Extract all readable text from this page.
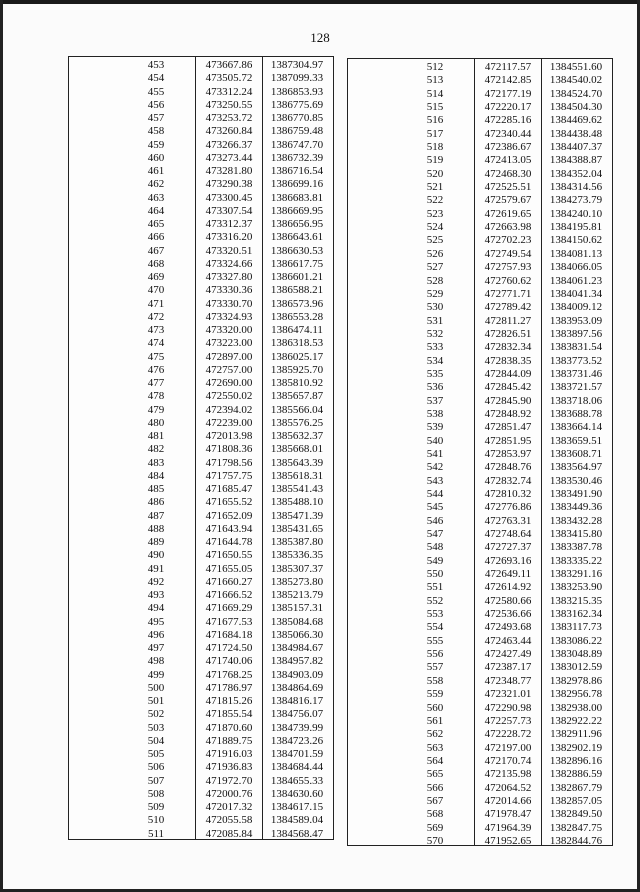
128
453	473667.86	1387304.97
454	473505.72	1387099.33
455	473312.24	1386853.93
456	473250.55	1386775.69
457	473253.72	1386770.85
458	473260.84	1386759.48
459	473266.37	1386747.70
460	473273.44	1386732.39
461	473281.80	1386716.54
462	473290.38	1386699.16
463	473300.45	1386683.81
464	473307.54	1386669.95
465	473312.37	1386656.95
466	473316.20	1386643.61
467	473320.51	1386630.53
468	473324.66	1386617.75
469	473327.80	1386601.21
470	473330.36	1386588.21
471	473330.70	1386573.96
472	473324.93	1386553.28
473	473320.00	1386474.11
474	473223.00	1386318.53
475	472897.00	1386025.17
476	472757.00	1385925.70
477	472690.00	1385810.92
478	472550.02	1385657.87
479	472394.02	1385566.04
480	472239.00	1385576.25
481	472013.98	1385632.37
482	471808.36	1385668.01
483	471798.56	1385643.39
484	471757.75	1385618.31
485	471685.47	1385541.43
486	471655.52	1385488.10
487	471652.09	1385471.39
488	471643.94	1385431.65
489	471644.78	1385387.80
490	471650.55	1385336.35
491	471655.05	1385307.37
492	471660.27	1385273.80
493	471666.52	1385213.79
494	471669.29	1385157.31
495	471677.53	1385084.68
496	471684.18	1385066.30
497	471724.50	1384984.67
498	471740.06	1384957.82
499	471768.25	1384903.09
500	471786.97	1384864.69
501	471815.26	1384816.17
502	471855.54	1384756.07
503	471870.60	1384739.99
504	471889.75	1384723.26
505	471916.03	1384701.59
506	471936.83	1384684.44
507	471972.70	1384655.33
508	472000.76	1384630.60
509	472017.32	1384617.15
510	472055.58	1384589.04
511	472085.84	1384568.47
512	472117.57	1384551.60
513	472142.85	1384540.02
514	472177.19	1384524.70
515	472220.17	1384504.30
516	472285.16	1384469.62
517	472340.44	1384438.48
518	472386.67	1384407.37
519	472413.05	1384388.87
520	472468.30	1384352.04
521	472525.51	1384314.56
522	472579.67	1384273.79
523	472619.65	1384240.10
524	472663.98	1384195.81
525	472702.23	1384150.62
526	472749.54	1384081.13
527	472757.93	1384066.05
528	472760.62	1384061.23
529	472771.71	1384041.34
530	472789.42	1384009.12
531	472811.27	1383953.09
532	472826.51	1383897.56
533	472832.34	1383831.54
534	472838.35	1383773.52
535	472844.09	1383731.46
536	472845.42	1383721.57
537	472845.90	1383718.06
538	472848.92	1383688.78
539	472851.47	1383664.14
540	472851.95	1383659.51
541	472853.97	1383608.71
542	472848.76	1383564.97
543	472832.74	1383530.46
544	472810.32	1383491.90
545	472776.86	1383449.36
546	472763.31	1383432.28
547	472748.64	1383415.80
548	472727.37	1383387.78
549	472693.16	1383335.22
550	472649.11	1383291.16
551	472614.92	1383253.90
552	472580.66	1383215.35
553	472536.66	1383162.34
554	472493.68	1383117.73
555	472463.44	1383086.22
556	472427.49	1383048.89
557	472387.17	1383012.59
558	472348.77	1382978.86
559	472321.01	1382956.78
560	472290.98	1382938.00
561	472257.73	1382922.22
562	472228.72	1382911.96
563	472197.00	1382902.19
564	472170.74	1382896.16
565	472135.98	1382886.59
566	472064.52	1382867.79
567	472014.66	1382857.05
568	471978.47	1382849.50
569	471964.39	1382847.75
570	471952.65	1382844.76
